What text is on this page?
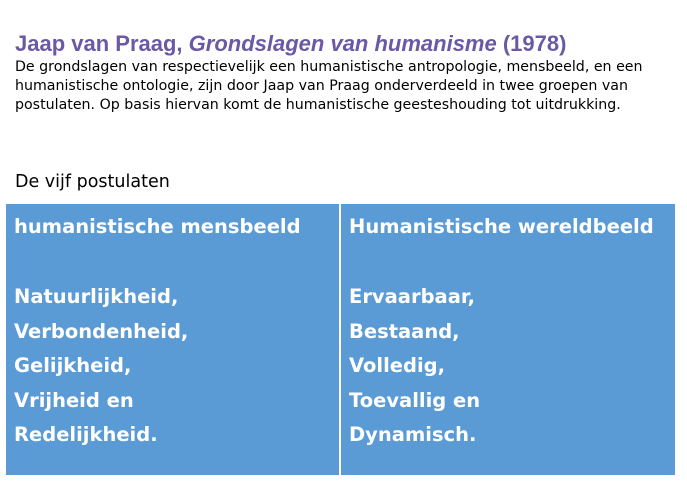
Jaap van Praag, Grondslagen van humanisme (1978)
De grondslagen van respectievelijk een humanistische antropologie, mensbeeld, en een humanistische ontologie, zijn door Jaap van Praag onderverdeeld in twee groepen van postulaten. Op basis hiervan komt de humanistische geesteshouding tot uitdrukking.
De vijf postulaten
humanistische mensbeeld
Natuurlijkheid,
Verbondenheid,
Gelijkheid,
Vrijheid en
Redelijkheid.
Humanistische wereldbeeld
Ervaarbaar,
Bestaand,
Volledig,
Toevallig en
Dynamisch.
